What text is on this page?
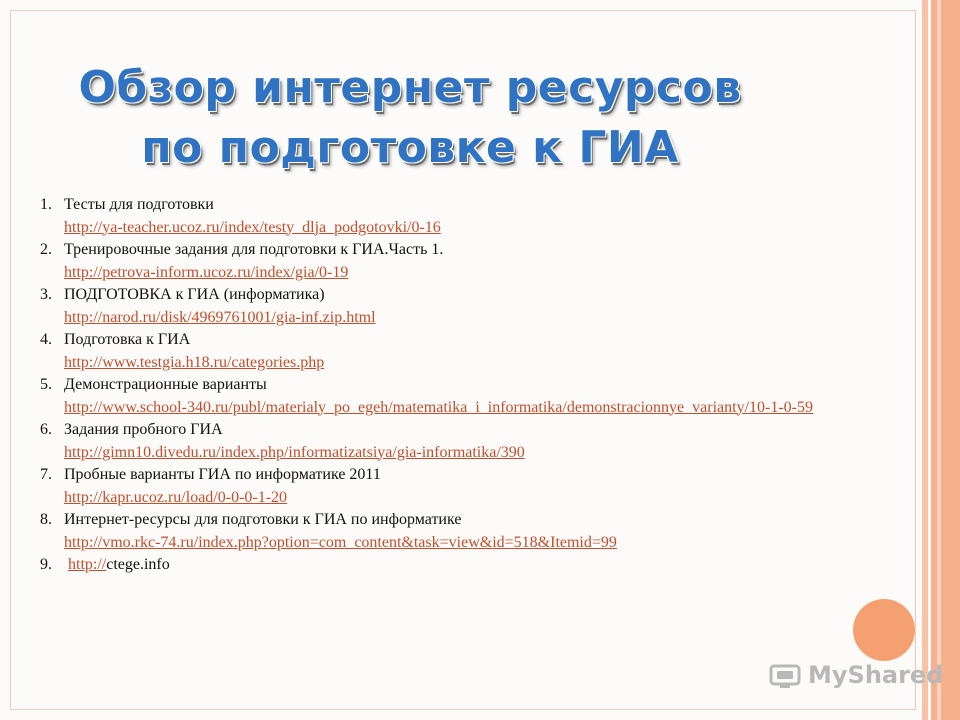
Обзор интернет ресурсов
по подготовке к ГИА
1. Тесты для подготовки
http://ya-teacher.ucoz.ru/index/testy_dlja_podgotovki/0-16
2. Тренировочные задания для подготовки к ГИА.Часть 1.
http://petrova-inform.ucoz.ru/index/gia/0-19
3. ПОДГОТОВКА к ГИА (информатика)
http://narod.ru/disk/4969761001/gia-inf.zip.html
4. Подготовка к ГИА
http://www.testgia.h18.ru/categories.php
5. Демонстрационные варианты
http://www.school-340.ru/publ/materialy_po_egeh/matematika_i_informatika/demonstracionnye_varianty/10-1-0-59
6. Задания пробного ГИА
http://gimn10.divedu.ru/index.php/informatizatsiya/gia-informatika/390
7. Пробные варианты ГИА по информатике 2011
http://kapr.ucoz.ru/load/0-0-0-1-20
8. Интернет-ресурсы для подготовки к ГИА по информатике
http://vmo.rkc-74.ru/index.php?option=com_content&task=view&id=518&Itemid=99
9. http://ctege.info
MyShared
